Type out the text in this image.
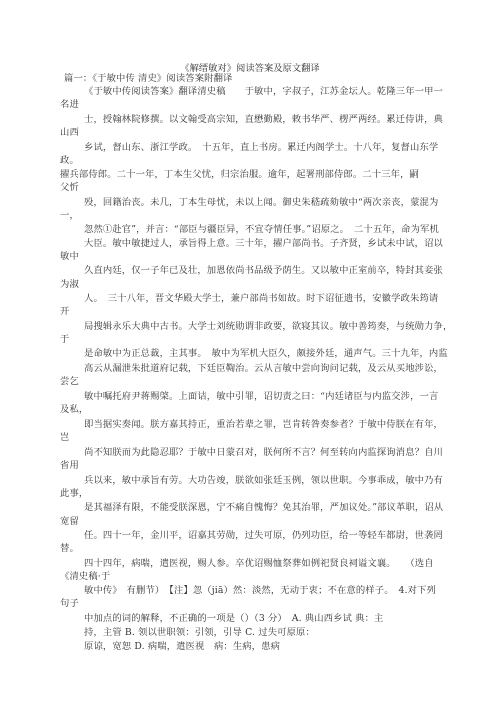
《解缙敏对》阅读答案及原文翻译
篇一：《于敏中传 清史》阅读答案附翻译
《于敏中传阅读答案》翻译清史稿　　于敏中，字叔子，江苏金坛人。乾隆三年一甲一
名进
士，授翰林院修撰。以文翰受高宗知，直懋勤殿，敕书华严、楞严两经。累迁侍讲，典
山西
乡试，督山东、浙江学政。　十五年，直上书房。累迁内阁学士。十八年，复督山东学
政。
擢兵部侍郎。二十一年，丁本生父忧，归宗治服。逾年，起署刑部侍郎。二十三年，嗣
父忻
殁，回籍治丧。未几，丁本生母忧，未以上闻。御史朱嵇疏劾敏中“两次亲丧，蒙混为
一，
忽然①赴官”，并言：“部臣与疆臣异，不宜夺情任事。”诏原之。　二十五年，命为军机
大臣。敏中敏捷过人，承旨得上意。三十年，擢户部尚书。子齐贤，乡试未中试，诏以
敏中
久直内廷，仅一子年已及壮，加恩依尚书品级予荫生。又以敏中正室前卒，特封其妾张
为淑
人。　三十八年，晋文华殿大学士，兼户部尚书如故。时下诏征遗书，安徽学政朱筠请
开
局搜辑永乐大典中古书。大学士刘统勋谓非政要，欲寝其议。敏中善筠奏，与统勋力争，
于
是命敏中为正总裁，主其事。　敏中为军机大臣久，颇接外廷，通声气。三十九年，内监
高云从漏泄朱批道府记载，下廷臣鞫治。云从言敏中尝向询问记载，及云从买地涉讼，
尝乞
敏中嘱托府尹蒋赐棨。上面诘，敏中引罪，诏切责之曰：“内廷诸臣与内监交涉，一言
及私，
即当据实奏闻。朕方嘉其持正，重治若辈之罪，岂肯转咎奏参者？于敏中侍朕在有年，
岂
尚不知朕而为此隐忍耶？于敏中日蒙召对，朕何所不言？何至转向内监探询消息？自川
省用
兵以来，敏中承旨有劳。大功告竣，朕欲如张廷玉例，领以世职。今事乖成，敏中乃有
此事，
是其福泽有限，不能受朕深恩，宁不痛自愧悔？免其治罪，严加议处。”部议革职，诏从
宽留
任。四十一年，金川平，诏嘉其劳勋，过失可原，仍列功臣，给一等轻车都尉，世袭罔
替。
四十四年，病喘，遣医视，赐人参。卒优诏赐恤祭葬如例祀贤良祠谥文襄。　　（选自
《清史稿·于
敏中传》　有删节）　【注】忽（jiā）然：淡然，无动于衷；不在意的样子。　4.对下列
句子
中加点的词的解释，不正确的一项是（）（3 分）　A. 典山西乡试 典：主
持，主管 B. 领以世职领：引领，引导 C. 过失可原原：
原谅，宽恕 D. 病喘，遣医视　病：生病，患病
